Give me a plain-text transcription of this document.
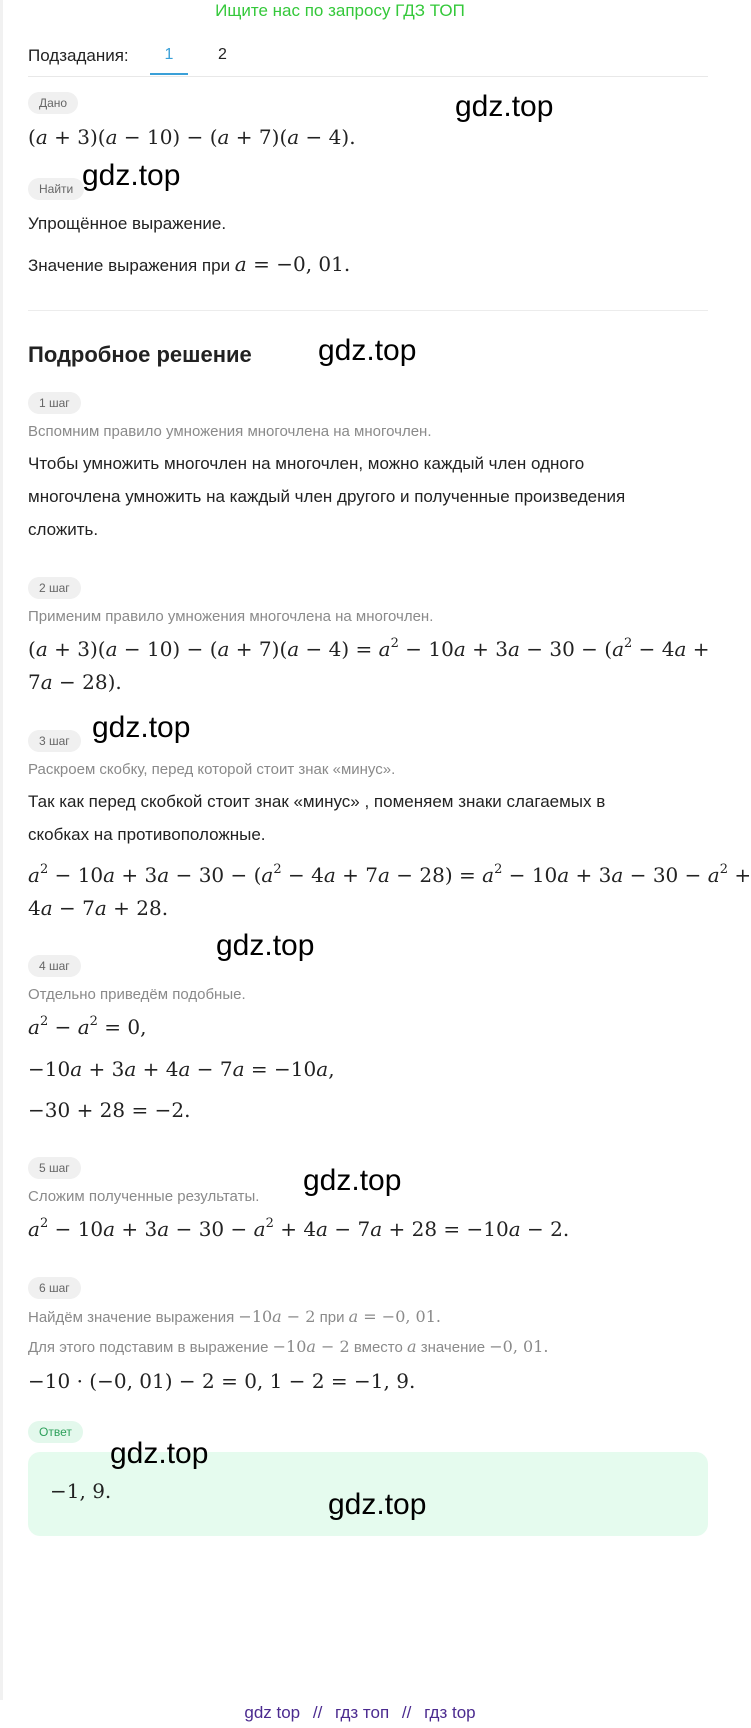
Ищите нас по запросу ГДЗ ТОП
Подзадания:	1	2
Дано
(a + 3)(a − 10) − (a + 7)(a − 4).
Найти
Упрощённое выражение.
Значение выражения при a = −0, 01.
Подробное решение
1 шаг
Вспомним правило умножения многочлена на многочлен.
Чтобы умножить многочлен на многочлен, можно каждый член одного
многочлена умножить на каждый член другого и полученные произведения
сложить.
2 шаг
Применим правило умножения многочлена на многочлен.
$(a + 3)(a - 10) - (a + 7)(a - 4) = a^2 - 10a + 3a - 30 - (a^2 - 4a$ +
7a − 28).
3 шаг
Раскроем скобку, перед которой стоит знак «минус».
Так как перед скобкой стоит знак «минус» , поменяем знаки слагаемых в
скобках на противоположные.
$a^2 - 10a + 3a - 30 - (a^2 - 4a + 7a - 28) = a^2 - 10a + 3a - 30 - a^2$ +
4a − 7a + 28.
4 шаг
Отдельно приведём подобные.
$a^2 - a^2 = 0$,
−10a + 3a + 4a − 7a = −10a,
−30 + 28 = −2.
5 шаг
Сложим полученные результаты.
$a^2 - 10a + 3a - 30 - a^2 + 4a - 7a + 28 = -10a - 2$.
6 шаг
Найдём значение выражения −10a − 2 при a = −0, 01.
Для этого подставим в выражение −10a − 2 вместо a значение −0, 01.
−10 · (−0, 01) − 2 = 0, 1 − 2 = −1, 9.
Ответ
−1, 9.
gdz.top
gdz.top
gdz.top
gdz.top
gdz.top
gdz.top
gdz.top
gdz.top
gdz top // гдз топ // гдз top
